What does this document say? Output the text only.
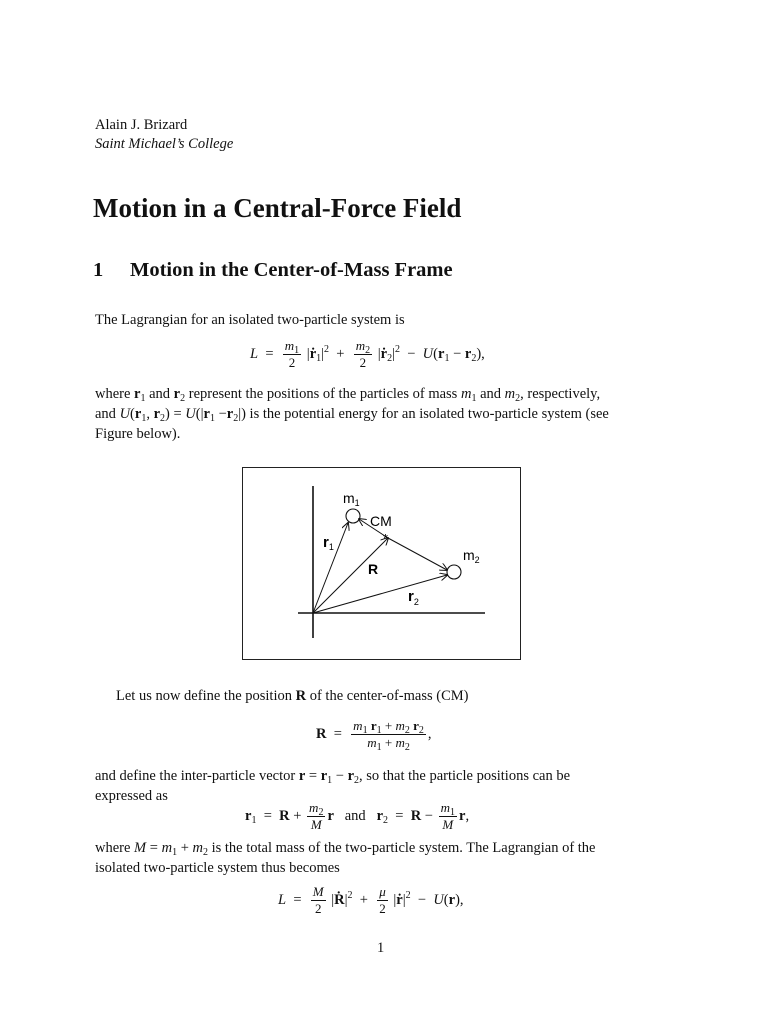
Alain J. Brizard
Saint Michael’s College
Motion in a Central-Force Field
1 Motion in the Center-of-Mass Frame
The Lagrangian for an isolated two-particle system is
$L = \frac{m_1}{2}$ $|ṙ_1|^2 + \frac{m_2}{2}$ $|ṙ_2|^2 - U(r_1 - r_2)$,
where $r_1$ and $r_2$ represent the positions of the particles of mass $m_1$ and $m_2$, respectively,
and $U(r_1$, $r_2) = U(|r_1 -r_2|)$ is the potential energy for an isolated two-particle system (see
Figure below).
*
$m_1$
CM
$r_1$
R
$m_2$
$r_2$
Let us now define the position R of the center-of-mass (CM)
$R = \frac{m_1 r_1 + m_2 r_2}{m_1 + m_2}$ ,
and define the inter-particle vector $r = r_1 - r_2$, so that the particle positions can be
expressed as
$r_1 = R + \frac{m_2}{M}$ r and $r_2 = R - \frac{m_1}{M} r$,
where $M = m_1 + m_2$ is the total mass of the two-particle system. The Lagrangian of the
isolated two-particle system thus becomes
$L = \frac{M}{2}$ $|Ṙ|^2 + \frac{\mu}{2}$ $|ṙ|^2 - U(r)$,
1
